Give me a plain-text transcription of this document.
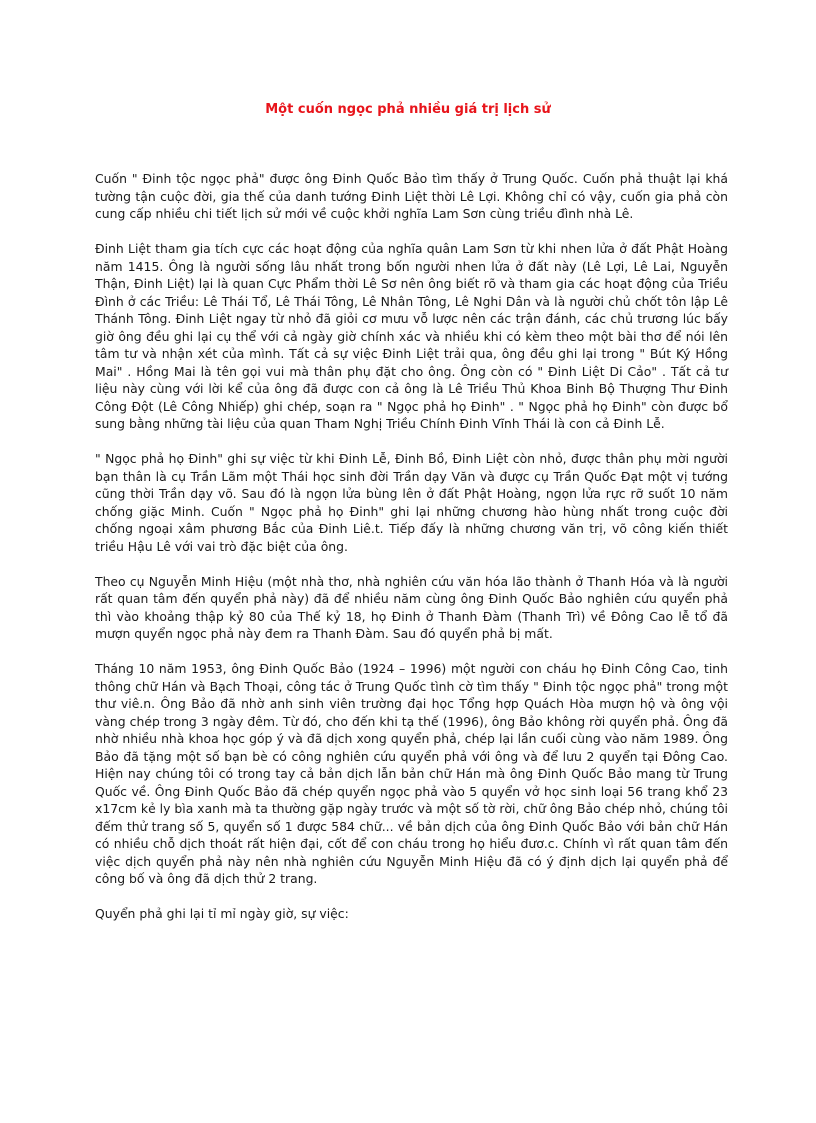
Một cuốn ngọc phả nhiều giá trị lịch sử

Cuốn " Đinh tộc ngọc phả" được ông Đinh Quốc Bảo tìm thấy ở Trung Quốc. Cuốn phả thuật lại khá tường tận cuộc đời, gia thế của danh tướng Đinh Liệt thời Lê Lợi. Không chỉ có vậy, cuốn gia phả còn cung cấp nhiều chi tiết lịch sử mới về cuộc khởi nghĩa Lam Sơn cùng triều đình nhà Lê.

Đinh Liệt tham gia tích cực các hoạt động của nghĩa quân Lam Sơn từ khi nhen lửa ở đất Phật Hoàng năm 1415. Ông là người sống lâu nhất trong bốn người nhen lửa ở đất này (Lê Lợi, Lê Lai, Nguyễn Thận, Đinh Liệt) lại là quan Cực Phẩm thời Lê Sơ nên ông biết rõ và tham gia các hoạt động của Triều Đình ở các Triều: Lê Thái Tổ, Lê Thái Tông, Lê Nhân Tông, Lê Nghi Dân và là người chủ chốt tôn lập Lê Thánh Tông. Đinh Liệt ngay từ nhỏ đã giỏi cơ mưu vỗ lược nên các trận đánh, các chủ trương lúc bấy giờ ông đều ghi lại cụ thể với cả ngày giờ chính xác và nhiều khi có kèm theo một bài thơ để nói lên tâm tư và nhận xét của mình. Tất cả sự việc Đinh Liệt trải qua, ông đều ghi lại trong " Bút Ký Hồng Mai" . Hồng Mai là tên gọi vui mà thân phụ đặt cho ông. Ông còn có " Đinh Liệt Di Cảo" . Tất cả tư liệu này cùng với lời kể của ông đã được con cả ông là Lê Triều Thủ Khoa Binh Bộ Thượng Thư Đinh Công Đột (Lê Công Nhiếp) ghi chép, soạn ra " Ngọc phả họ Đinh" . " Ngọc phả họ Đinh" còn được bổ sung bằng những tài liệu của quan Tham Nghị Triều Chính Đinh Vĩnh Thái là con cả Đinh Lễ.

" Ngọc phả họ Đinh" ghi sự việc từ khi Đinh Lễ, Đinh Bồ, Đinh Liệt còn nhỏ, được thân phụ mời người bạn thân là cụ Trần Lãm một Thái học sinh đời Trần dạy Văn và được cụ Trần Quốc Đạt một vị tướng cũng thời Trần dạy võ. Sau đó là ngọn lửa bùng lên ở đất Phật Hoàng, ngọn lửa rực rỡ suốt 10 năm chống giặc Minh. Cuốn " Ngọc phả họ Đinh" ghi lại những chương hào hùng nhất trong cuộc đời chống ngoại xâm phương Bắc của Đinh Liê.t. Tiếp đấy là những chương văn trị, võ công kiến thiết triều Hậu Lê với vai trò đặc biệt của ông.

Theo cụ Nguyễn Minh Hiệu (một nhà thơ, nhà nghiên cứu văn hóa lão thành ở Thanh Hóa và là người rất quan tâm đến quyển phả này) đã để nhiều năm cùng ông Đinh Quốc Bảo nghiên cứu quyển phả thì vào khoảng thập kỷ 80 của Thế kỷ 18, họ Đinh ở Thanh Đàm (Thanh Trì) về Đông Cao lễ tổ đã mượn quyển ngọc phả này đem ra Thanh Đàm. Sau đó quyển phả bị mất.

Tháng 10 năm 1953, ông Đinh Quốc Bảo (1924 – 1996) một người con cháu họ Đinh Công Cao, tinh thông chữ Hán và Bạch Thoại, công tác ở Trung Quốc tình cờ tìm thấy " Đinh tộc ngọc phả" trong một thư viê.n. Ông Bảo đã nhờ anh sinh viên trường đại học Tổng hợp Quách Hòa mượn hộ và ông vội vàng chép trong 3 ngày đêm. Từ đó, cho đến khi tạ thế (1996), ông Bảo không rời quyển phả. Ông đã nhờ nhiều nhà khoa học góp ý và đã dịch xong quyển phả, chép lại lần cuối cùng vào năm 1989. Ông Bảo đã tặng một số bạn bè có công nghiên cứu quyển phả với ông và để lưu 2 quyển tại Đông Cao. Hiện nay chúng tôi có trong tay cả bản dịch lẫn bản chữ Hán mà ông Đinh Quốc Bảo mang từ Trung Quốc về. Ông Đinh Quốc Bảo đã chép quyển ngọc phả vào 5 quyển vở học sinh loại 56 trang khổ 23 x17cm kẻ ly bìa xanh mà ta thường gặp ngày trước và một số tờ rời, chữ ông Bảo chép nhỏ, chúng tôi đếm thử trang số 5, quyển số 1 được 584 chữ... về bản dịch của ông Đinh Quốc Bảo với bản chữ Hán có nhiều chỗ dịch thoát rất hiện đại, cốt để con cháu trong họ hiểu đươ.c. Chính vì rất quan tâm đến việc dịch quyển phả này nên nhà nghiên cứu Nguyễn Minh Hiệu đã có ý định dịch lại quyển phả để công bố và ông đã dịch thử 2 trang.

Quyển phả ghi lại tỉ mỉ ngày giờ, sự việc:
